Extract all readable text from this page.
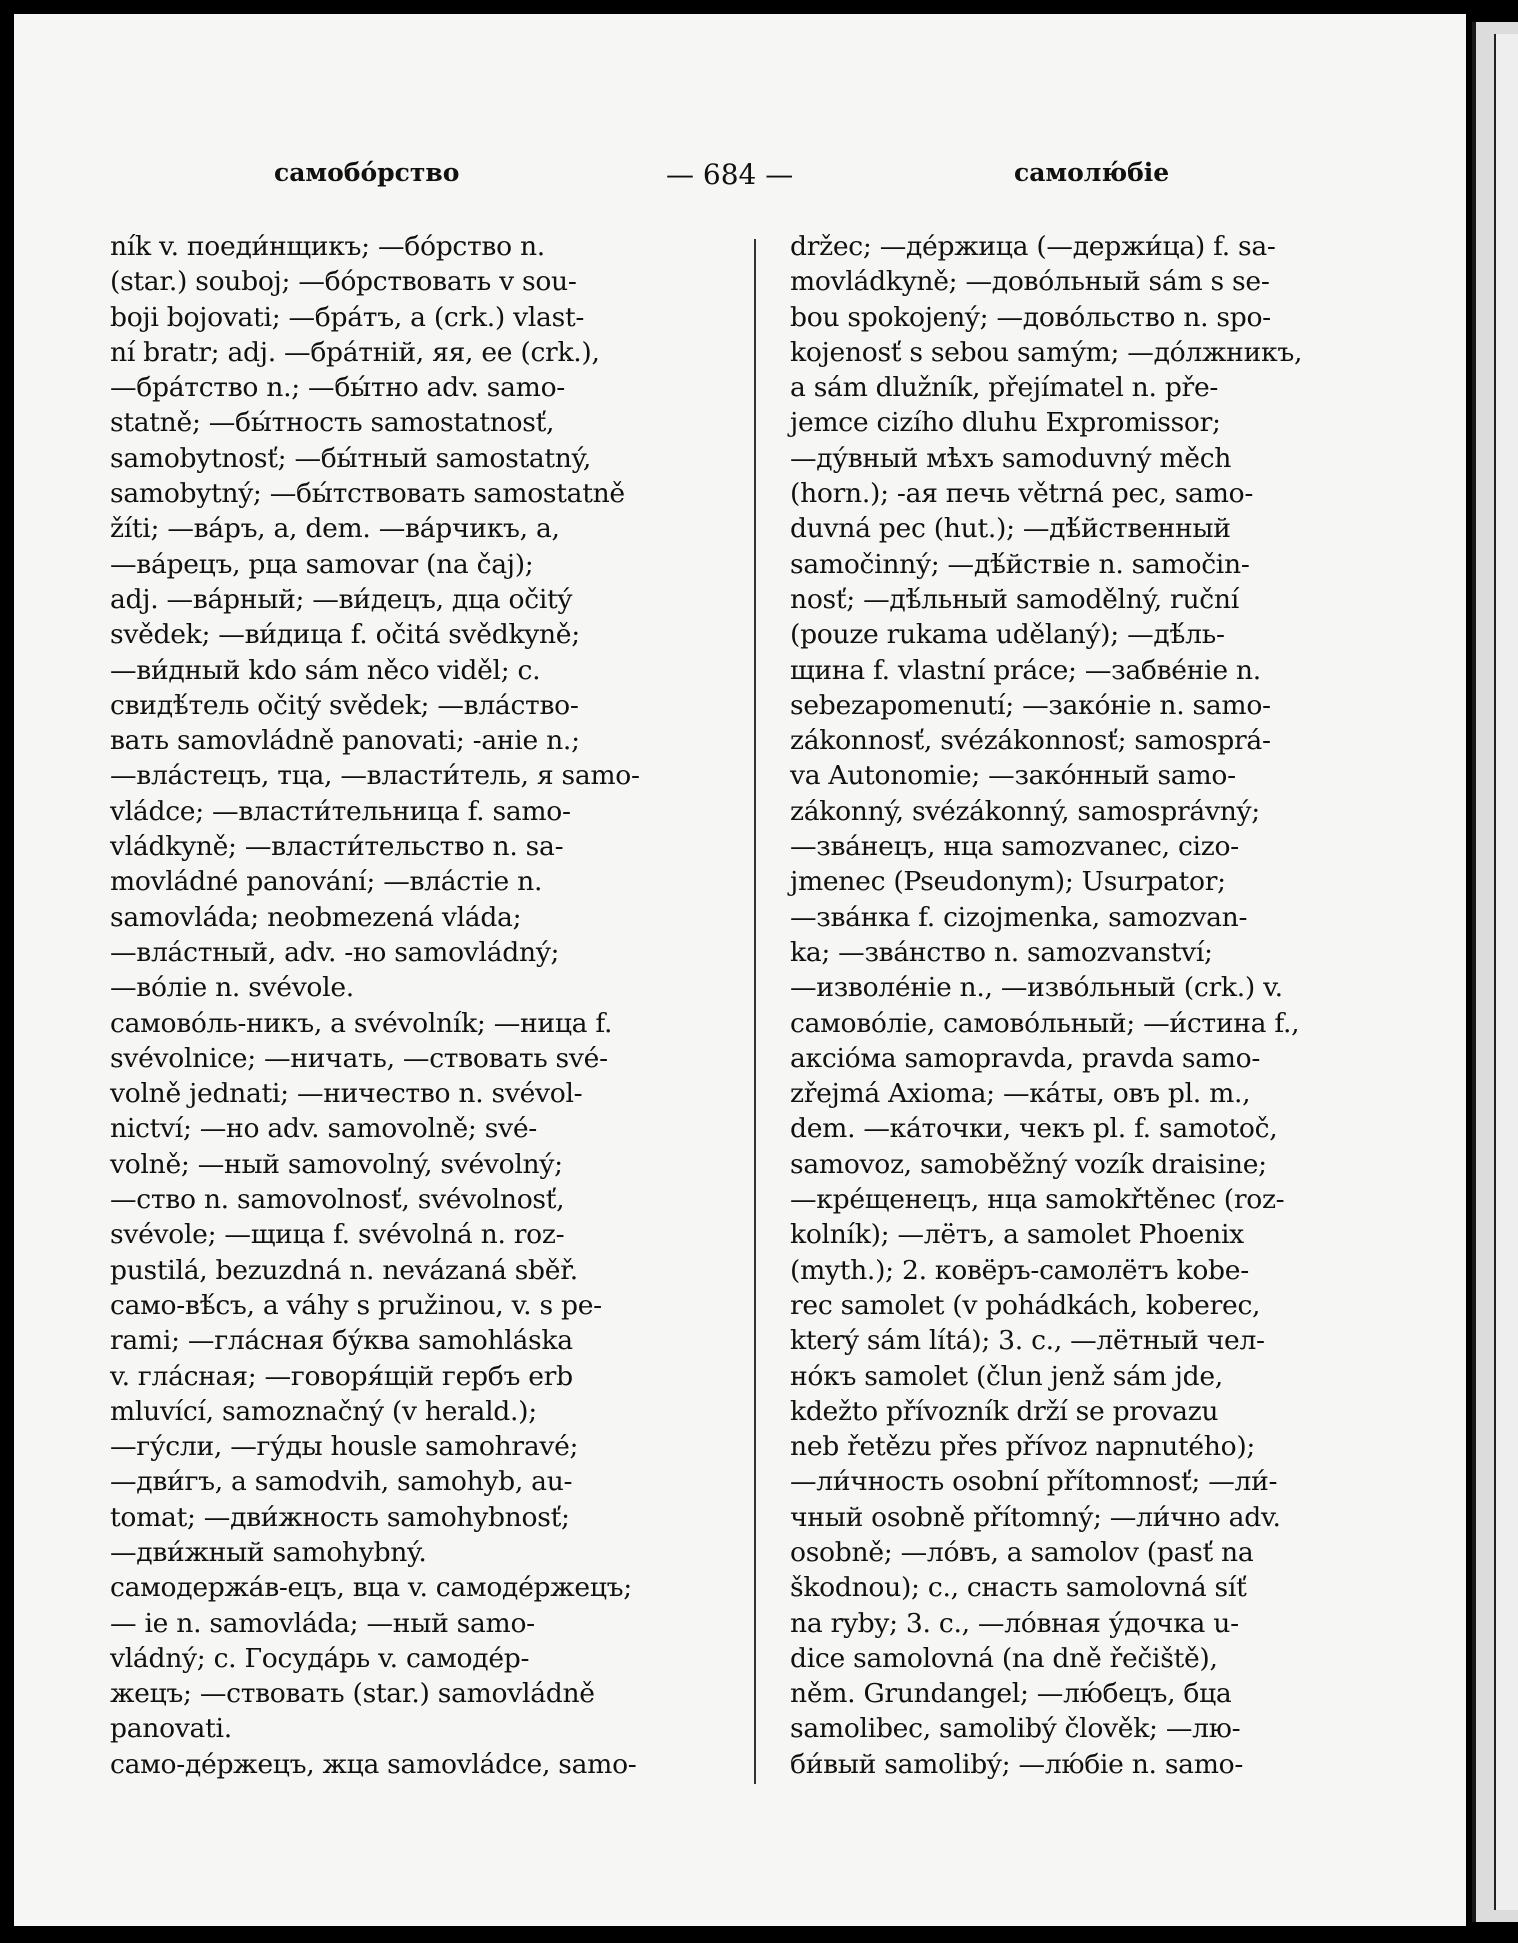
самобо́рство	— 684 —	самолю́біе
ník v. поеди́нщикъ; —бо́рство n.
(star.) souboj; —бо́рствовать v sou-
boji bojovati; —бра́тъ, a (crk.) vlast-
ní bratr; adj. —бра́тній, яя, ее (crk.),
—бра́тство n.; —бы́тно adv. samo-
statně; —бы́тность samostatnosť,
samobytnosť; —бы́тный samostatný,
samobytný; —бы́тствовать samostatně
žíti; —ва́ръ, a, dem. —ва́рчикъ, a,
—ва́рецъ, рца samovar (na čaj);
adj. —ва́рный; —ви́децъ, дца očitý
svědek; —ви́дица f. očitá svědkyně;
—ви́дный kdo sám něco viděl; c.
свидѣ́тель očitý svědek; —вла́ство-
вать samovládně panovati; -аніе n.;
—вла́стецъ, тца, —власти́тель, я samo-
vládce; —власти́тельница f. samo-
vládkyně; —власти́тельство n. sa-
movládné panování; —вла́стіе n.
samovláda; neobmezená vláda;
—вла́стный, adv. -но samovládný;
—во́ліе n. svévole.
самово́ль-никъ, a svévolník; —ница f.
svévolnice; —ничать, —ствовать své-
volně jednati; —ничество n. svévol-
nictví; —но adv. samovolně; své-
volně; —ный samovolný, svévolný;
—ство n. samovolnosť, svévolnosť,
svévole; —щица f. svévolná n. roz-
pustilá, bezuzdná n. nevázaná sběř.
само-вѣ́съ, a váhy s pružinou, v. s pe-
rami; —гла́сная бу́ква samohláska
v. гла́сная; —говоря́щій гербъ erb
mluvící, samoznačný (v herald.);
—гу́сли, —гу́ды housle samohravé;
—дви́гъ, a samodvih, samohyb, au-
tomat; —дви́жность samohybnosť;
—дви́жный samohybný.
самодержа́в-ецъ, вца v. самоде́ржецъ;
— іе n. samovláda; —ный samo-
vládný; c. Госуда́рь v. самоде́р-
жецъ; —ствовать (star.) samovládně
panovati.
само-де́ржецъ, жца samovládce, samo-
držec; —де́ржица (—держи́ца) f. sa-
movládkyně; —дово́льный sám s se-
bou spokojený; —дово́льство n. spo-
kojenosť s sebou samým; —до́лжникъ,
a sám dlužník, přejímatel n. pře-
jemce cizího dluhu Expromissor;
—ду́вный мѣхъ samoduvný měch
(horn.); -ая печь větrná pec, samo-
duvná pec (hut.); —дѣ́йственный
samočinný; —дѣ́йствіе n. samočin-
nosť; —дѣ́льный samodělný, ruční
(pouze rukama udělaný); —дѣ́ль-
щина f. vlastní práce; —забве́ніе n.
sebezapomenutí; —зако́ніе n. samo-
zákonnosť, svézákonnosť; samosprá-
va Autonomie; —зако́нный samo-
zákonný, svézákonný, samosprávný;
—зва́нецъ, нца samozvanec, cizo-
jmenec (Pseudonym); Usurpator;
—зва́нка f. cizojmenka, samozvan-
ka; —зва́нство n. samozvanství;
—изволе́ніе n., —изво́льный (crk.) v.
самово́ліе, самово́льный; —и́стина f.,
аксіо́ма samopravda, pravda samo-
zřejmá Axioma; —ка́ты, овъ pl. m.,
dem. —ка́точки, чекъ pl. f. samotoč,
samovoz, samoběžný vozík draisine;
—кре́щенецъ, нца samokřtěnec (roz-
kolník); —лётъ, a samolet Phoenix
(myth.); 2. ковёръ-самолётъ kobe-
rec samolet (v pohádkách, koberec,
který sám lítá); 3. c., —лётный чел-
но́къ samolet (člun jenž sám jde,
kdežto přívozník drží se provazu
neb řetězu přes přívoz napnutého);
—ли́чность osobní přítomnosť; —ли́-
чный osobně přítomný; —ли́чно adv.
osobně; —ло́въ, a samolov (pasť na
škodnou); c., снасть samolovná síť
na ryby; 3. c., —ло́вная у́дочка u-
dice samolovná (na dně řečiště),
něm. Grundangel; —лю́бецъ, бца
samolibec, samolibý člověk; —лю-
би́вый samolibý; —лю́біе n. samo-
